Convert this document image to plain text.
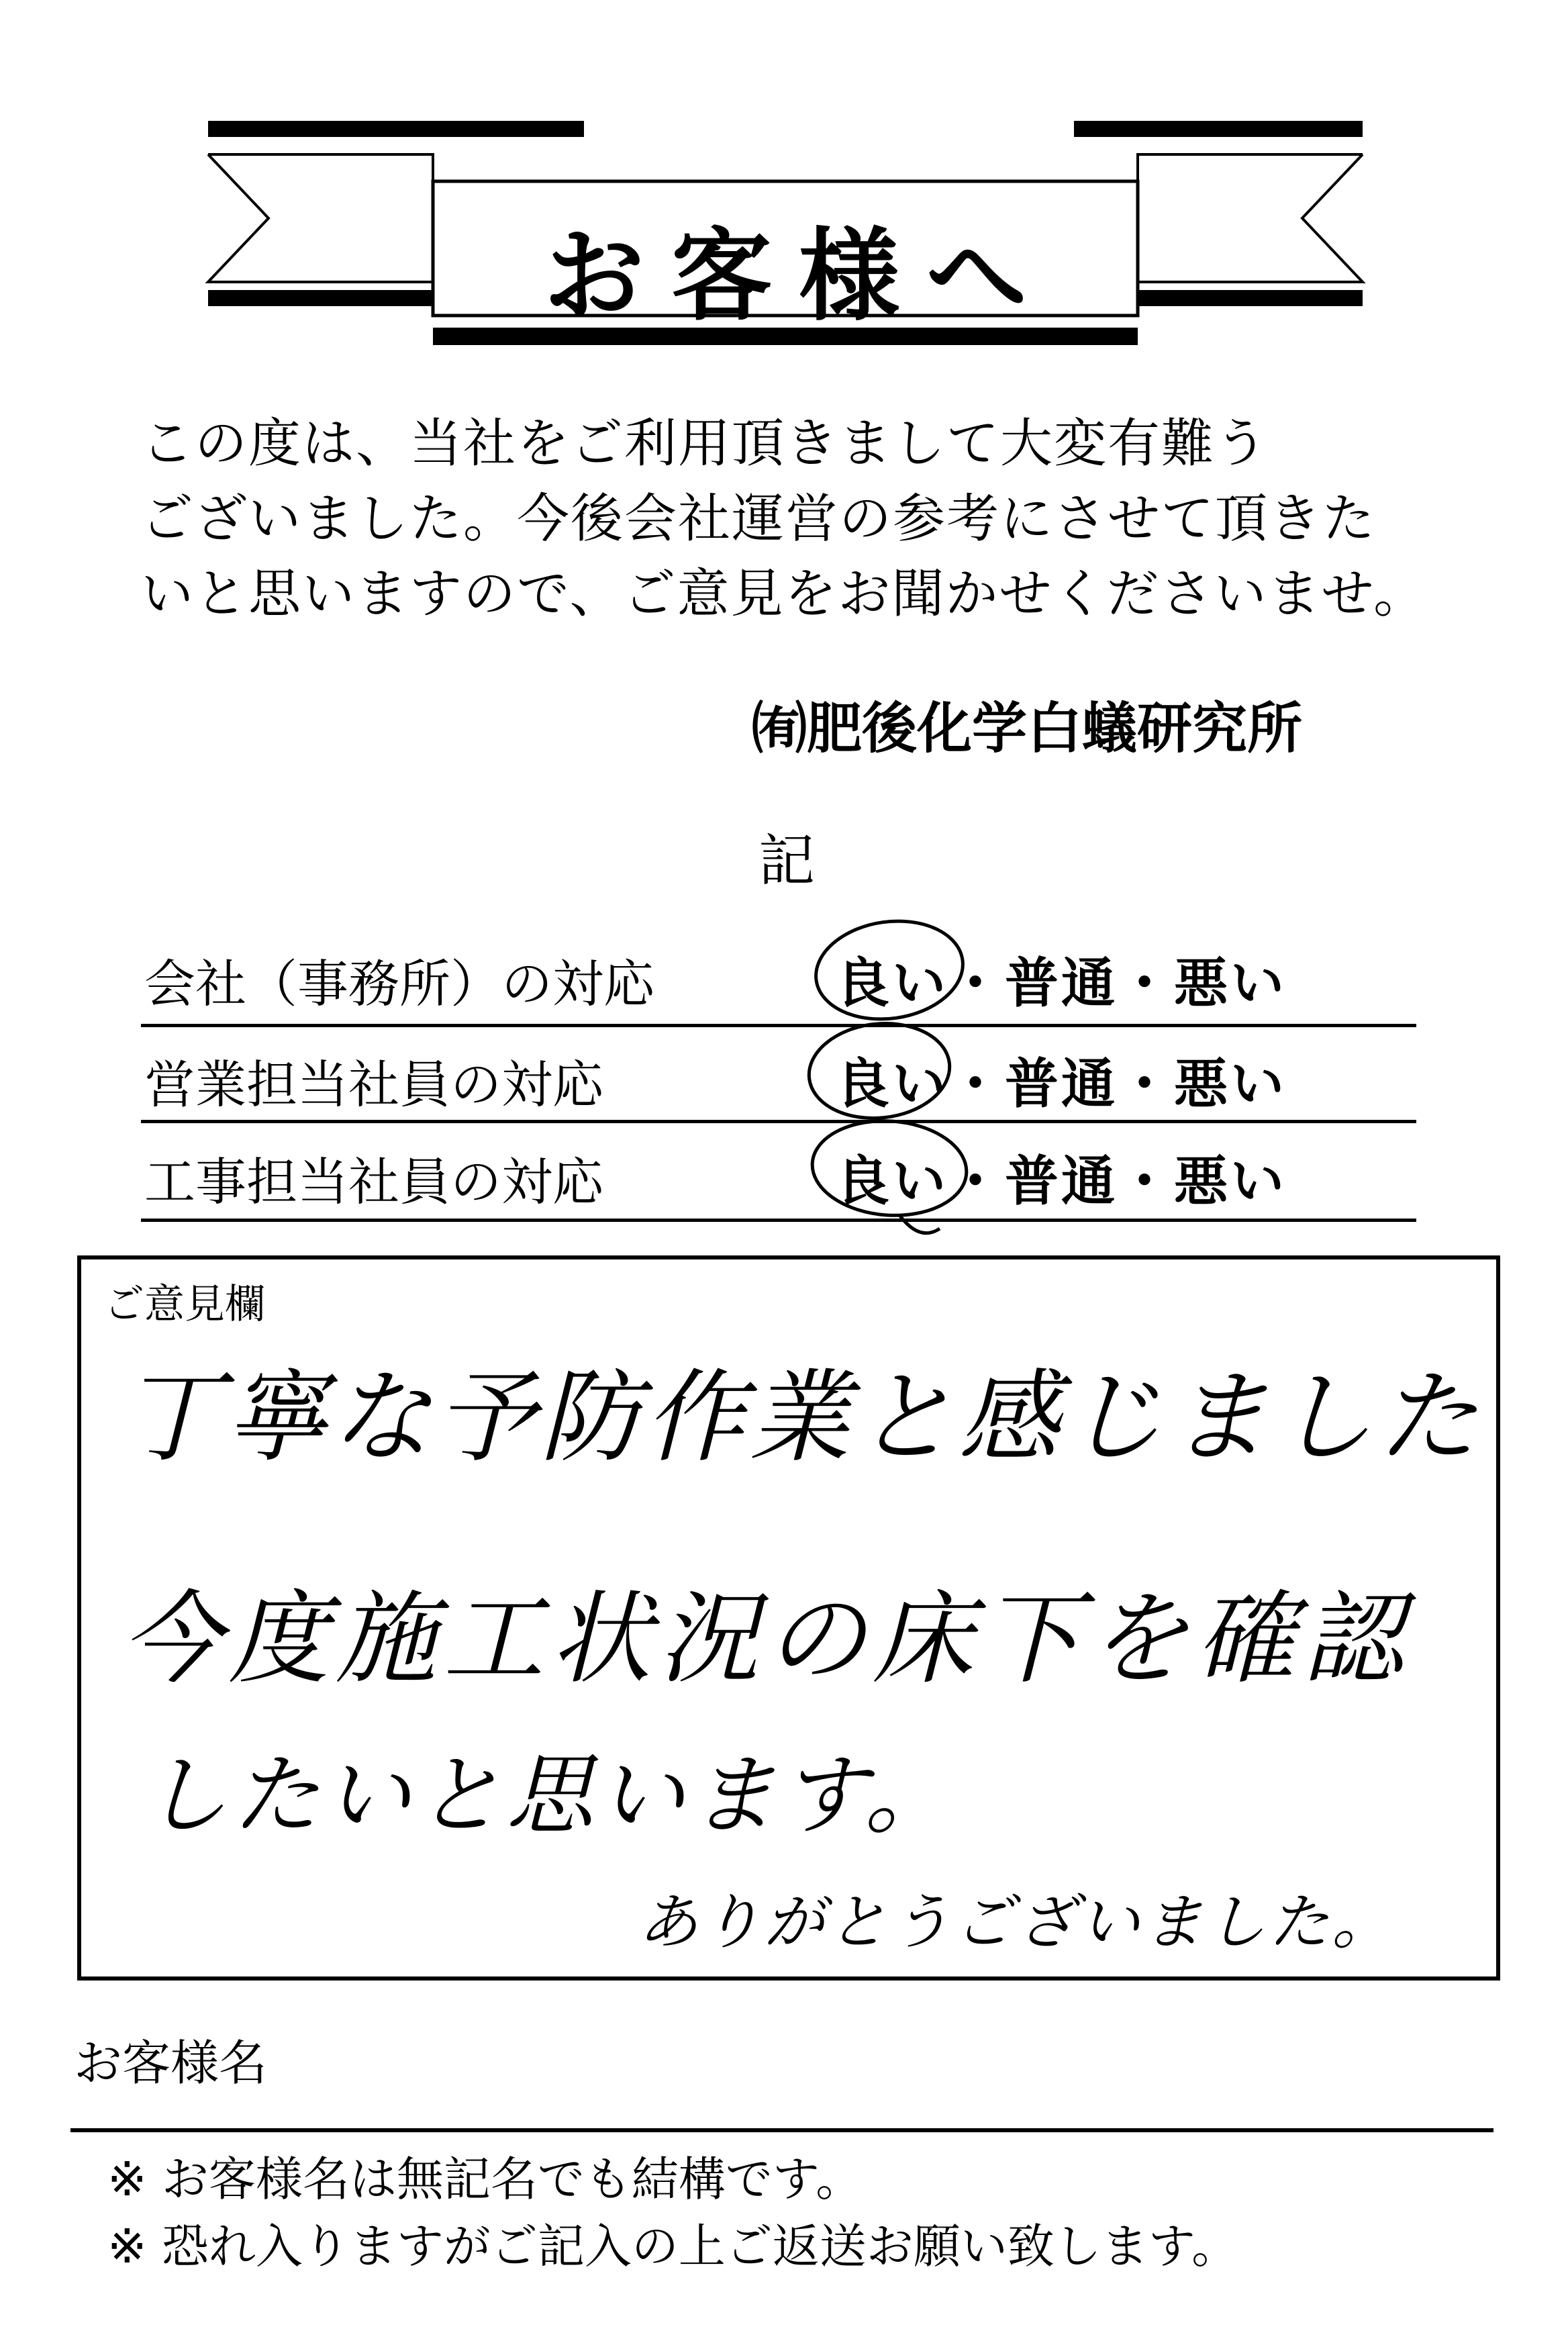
お客様へ
この度は、当社をご利用頂きまして大変有難う
ございました。今後会社運営の参考にさせて頂きた
いと思いますので、ご意見をお聞かせくださいませ。
㈲肥後化学白蟻研究所
記
会社（事務所）の対応	良い・普通・悪い
営業担当社員の対応	良い・普通・悪い
工事担当社員の対応	良い・普通・悪い
ご意見欄
丁寧な予防作業と感じました
今度施工状況の床下を確認
したいと思います。
ありがとうございました。
お客様名
※ お客様名は無記名でも結構です。
※ 恐れ入りますがご記入の上ご返送お願い致します。
